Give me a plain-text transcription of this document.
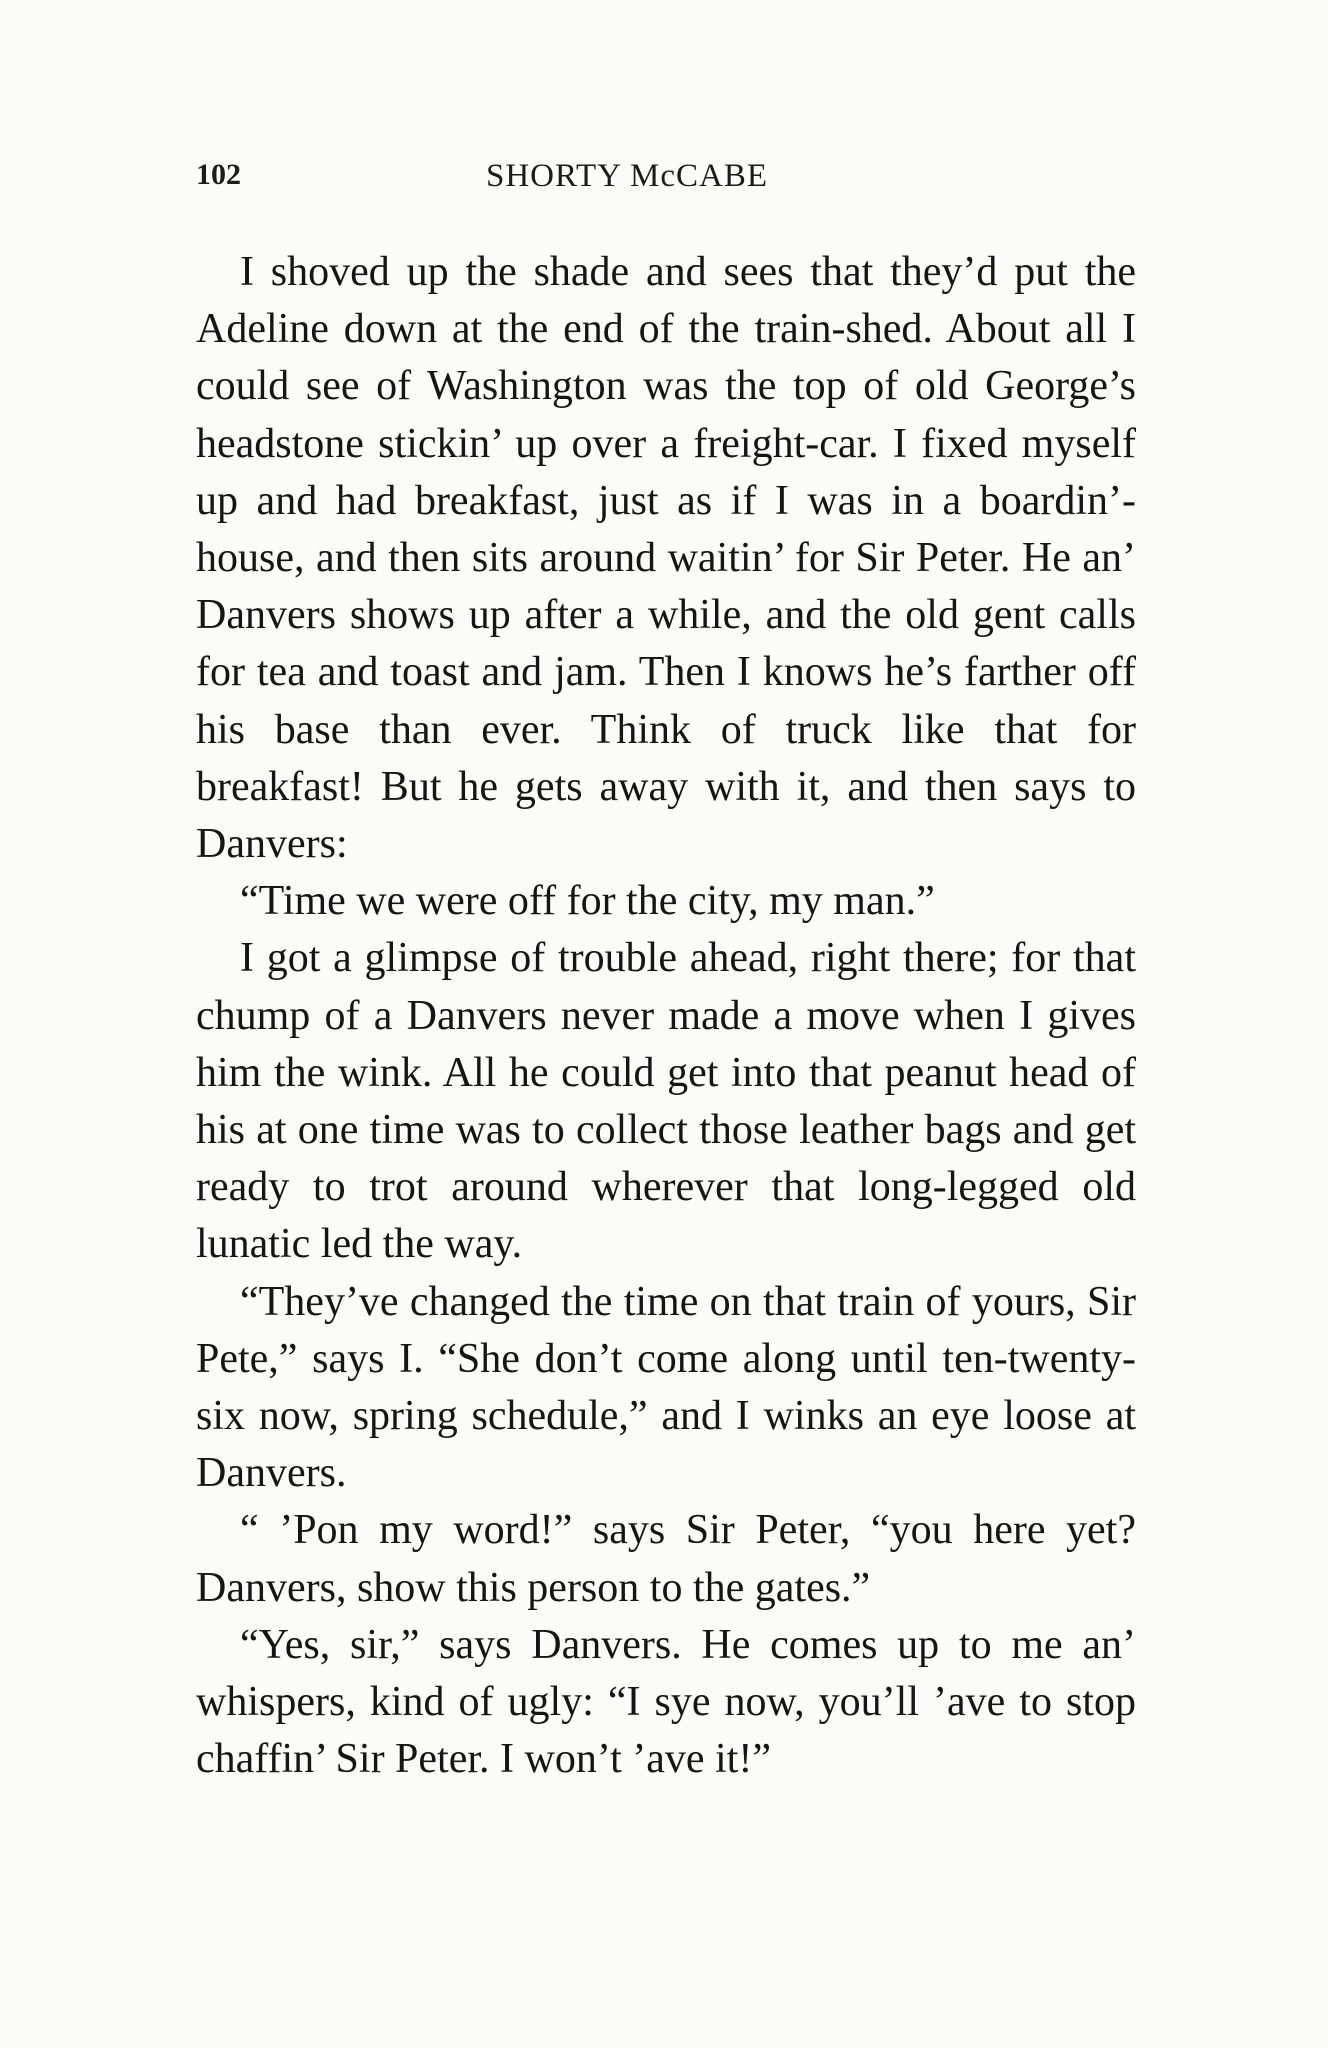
102	SHORTY McCABE

I shoved up the shade and sees that they’d put the Adeline down at the end of the train-shed. About all I could see of Washington was the top of old George’s headstone stickin’ up over a freight-car. I fixed myself up and had breakfast, just as if I was in a boardin’-house, and then sits around waitin’ for Sir Peter. He an’ Danvers shows up after a while, and the old gent calls for tea and toast and jam. Then I knows he’s farther off his base than ever. Think of truck like that for breakfast! But he gets away with it, and then says to Danvers:

“Time we were off for the city, my man.”

I got a glimpse of trouble ahead, right there; for that chump of a Danvers never made a move when I gives him the wink. All he could get into that peanut head of his at one time was to collect those leather bags and get ready to trot around wherever that long-legged old lunatic led the way.

“They’ve changed the time on that train of yours, Sir Pete,” says I. “She don’t come along until ten-twenty-six now, spring schedule,” and I winks an eye loose at Danvers.

“ ’Pon my word!” says Sir Peter, “you here yet? Danvers, show this person to the gates.”

“Yes, sir,” says Danvers. He comes up to me an’ whispers, kind of ugly: “I sye now, you’ll ’ave to stop chaffin’ Sir Peter. I won’t ’ave it!”
